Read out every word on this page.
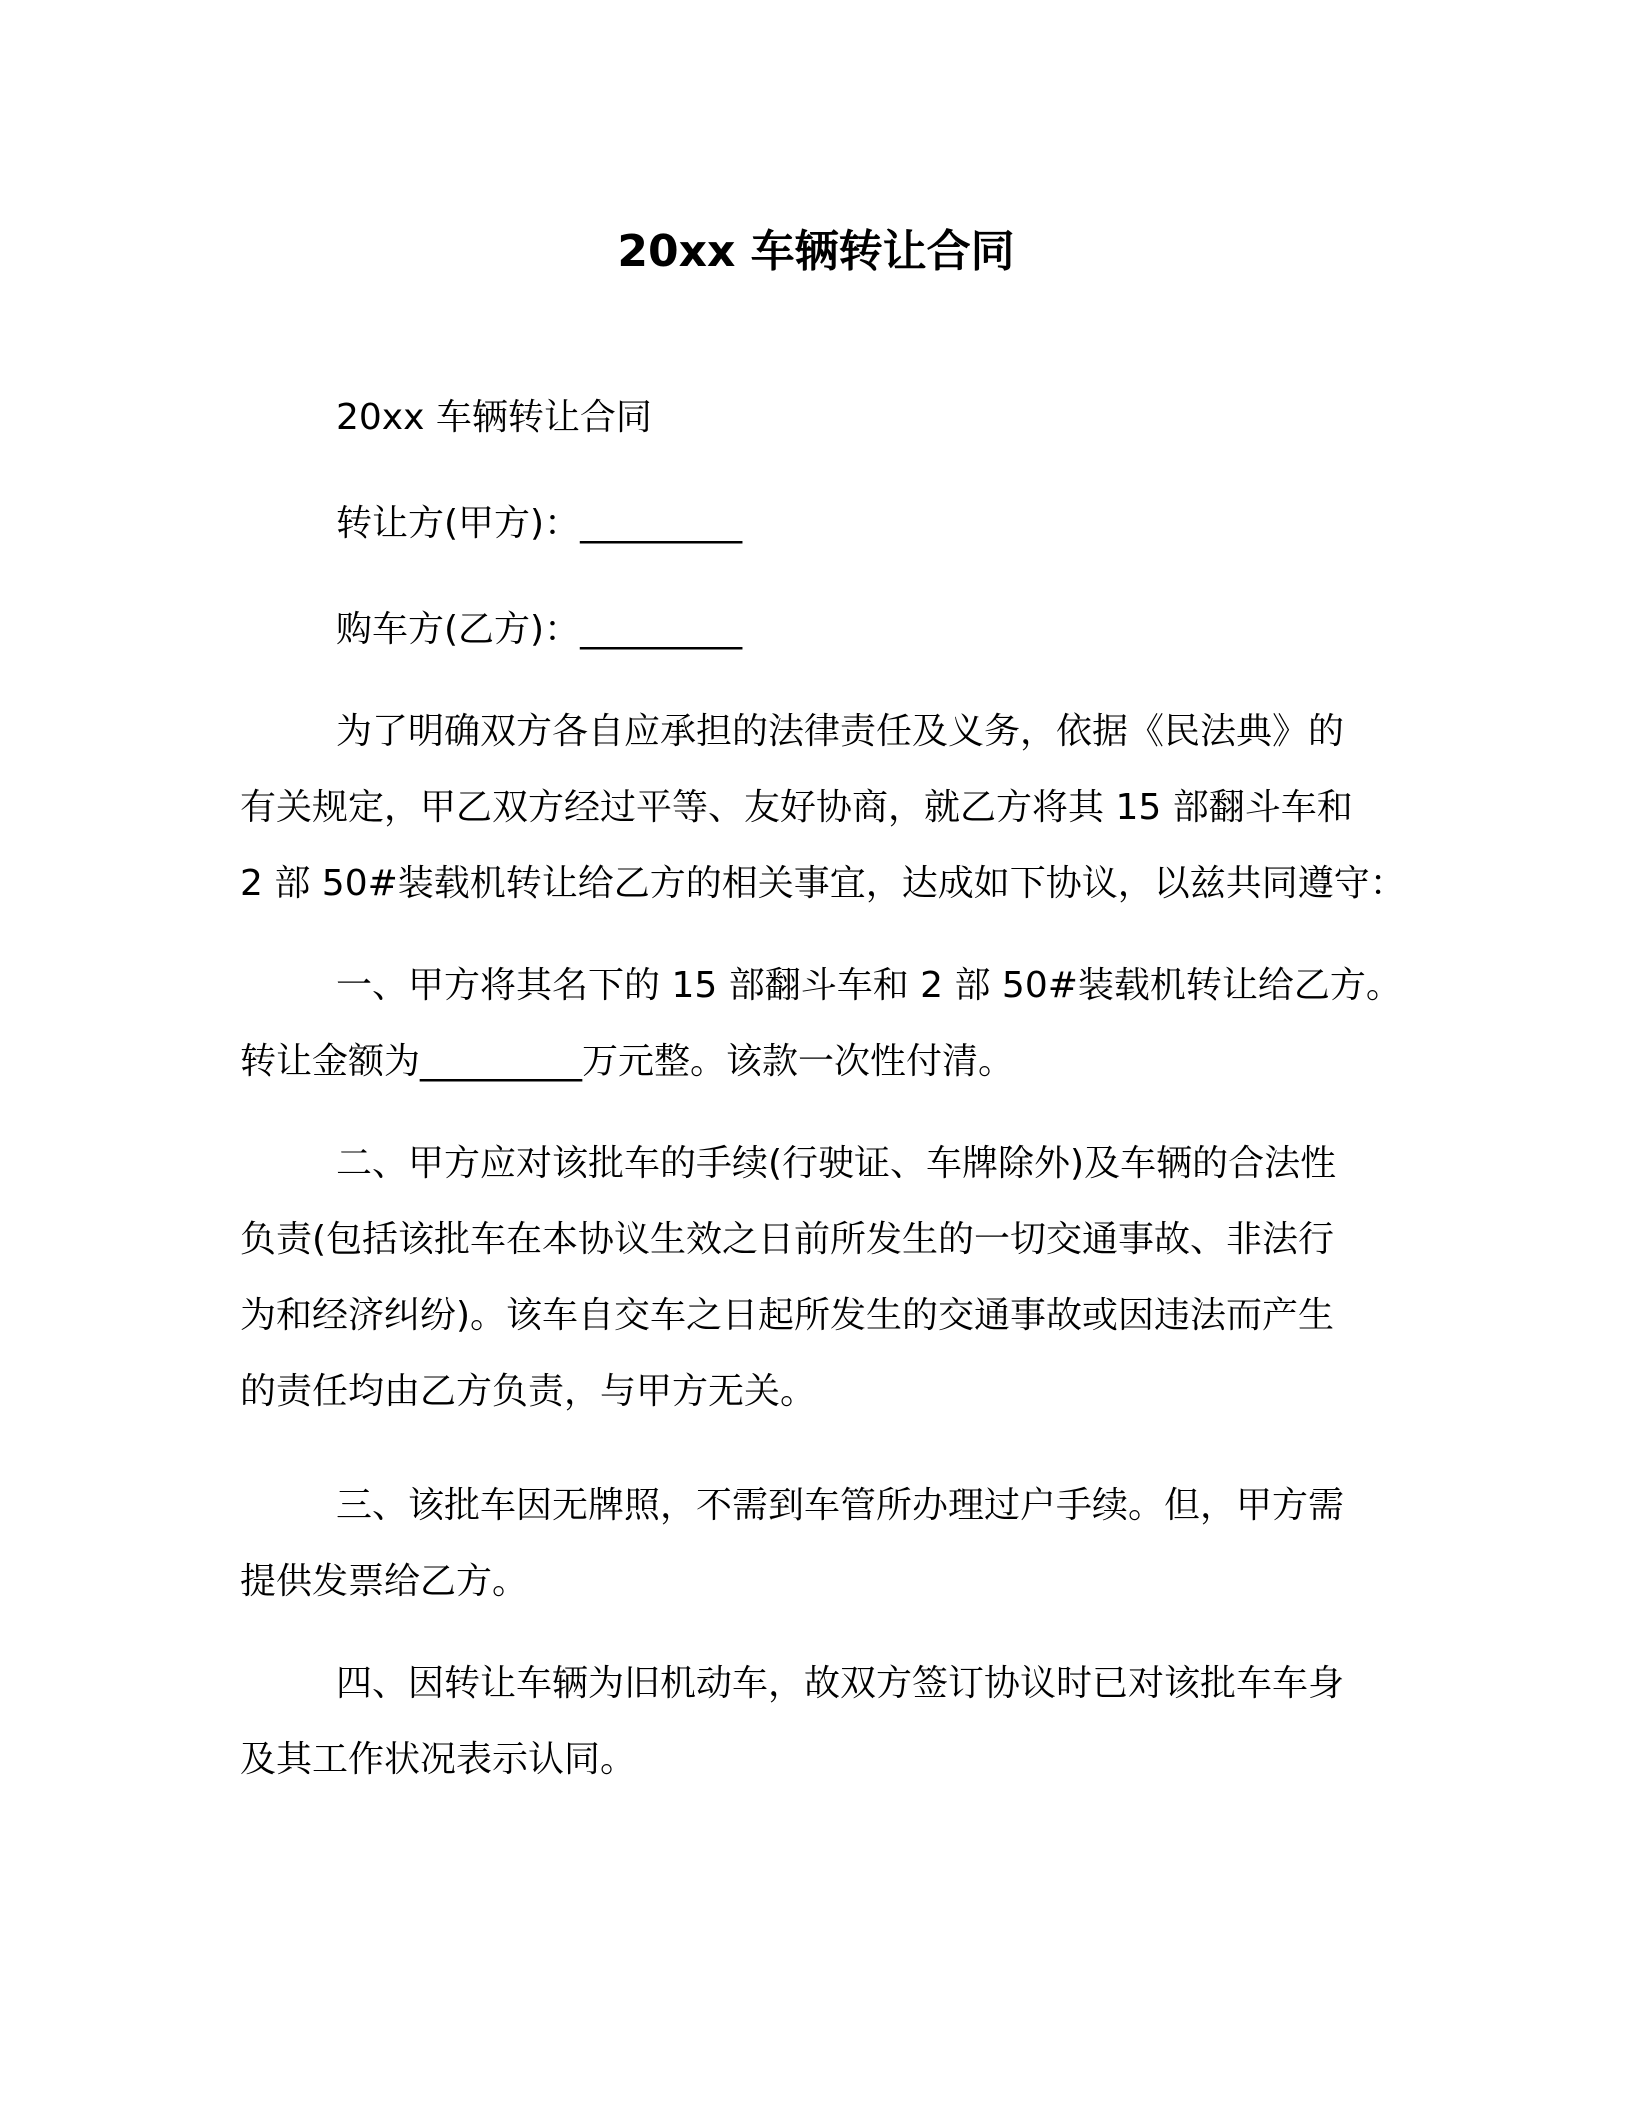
20xx 车辆转让合同

20xx 车辆转让合同

转让方(甲方)：_________

购车方(乙方)：_________

为了明确双方各自应承担的法律责任及义务，依据《民法典》的
有关规定，甲乙双方经过平等、友好协商，就乙方将其 15 部翻斗车和
2 部 50#装载机转让给乙方的相关事宜，达成如下协议，以兹共同遵守：

一、甲方将其名下的 15 部翻斗车和 2 部 50#装载机转让给乙方。
转让金额为_________万元整。该款一次性付清。

二、甲方应对该批车的手续(行驶证、车牌除外)及车辆的合法性
负责(包括该批车在本协议生效之日前所发生的一切交通事故、非法行
为和经济纠纷)。该车自交车之日起所发生的交通事故或因违法而产生
的责任均由乙方负责，与甲方无关。

三、该批车因无牌照，不需到车管所办理过户手续。但，甲方需
提供发票给乙方。

四、因转让车辆为旧机动车，故双方签订协议时已对该批车车身
及其工作状况表示认同。
